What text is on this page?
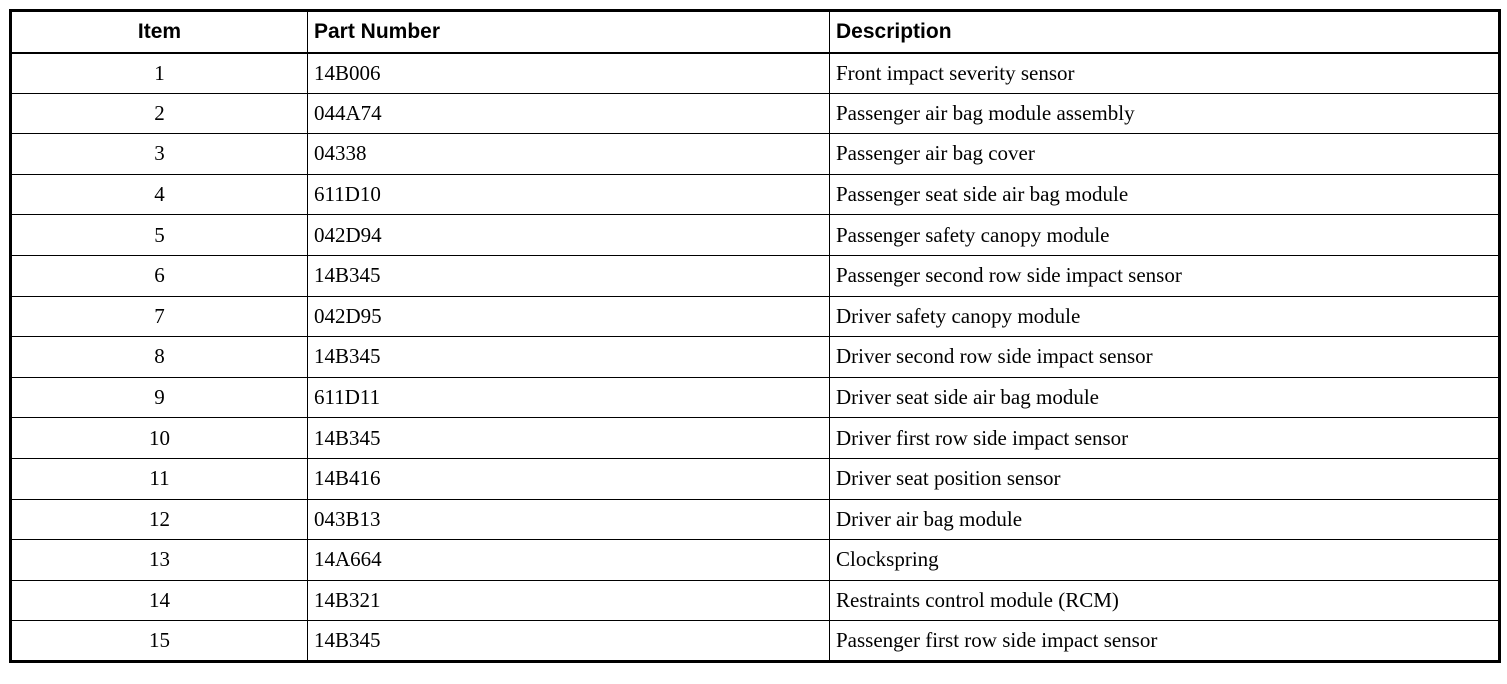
Item	Part Number	Description
1	14B006	Front impact severity sensor
2	044A74	Passenger air bag module assembly
3	04338	Passenger air bag cover
4	611D10	Passenger seat side air bag module
5	042D94	Passenger safety canopy module
6	14B345	Passenger second row side impact sensor
7	042D95	Driver safety canopy module
8	14B345	Driver second row side impact sensor
9	611D11	Driver seat side air bag module
10	14B345	Driver first row side impact sensor
11	14B416	Driver seat position sensor
12	043B13	Driver air bag module
13	14A664	Clockspring
14	14B321	Restraints control module (RCM)
15	14B345	Passenger first row side impact sensor
